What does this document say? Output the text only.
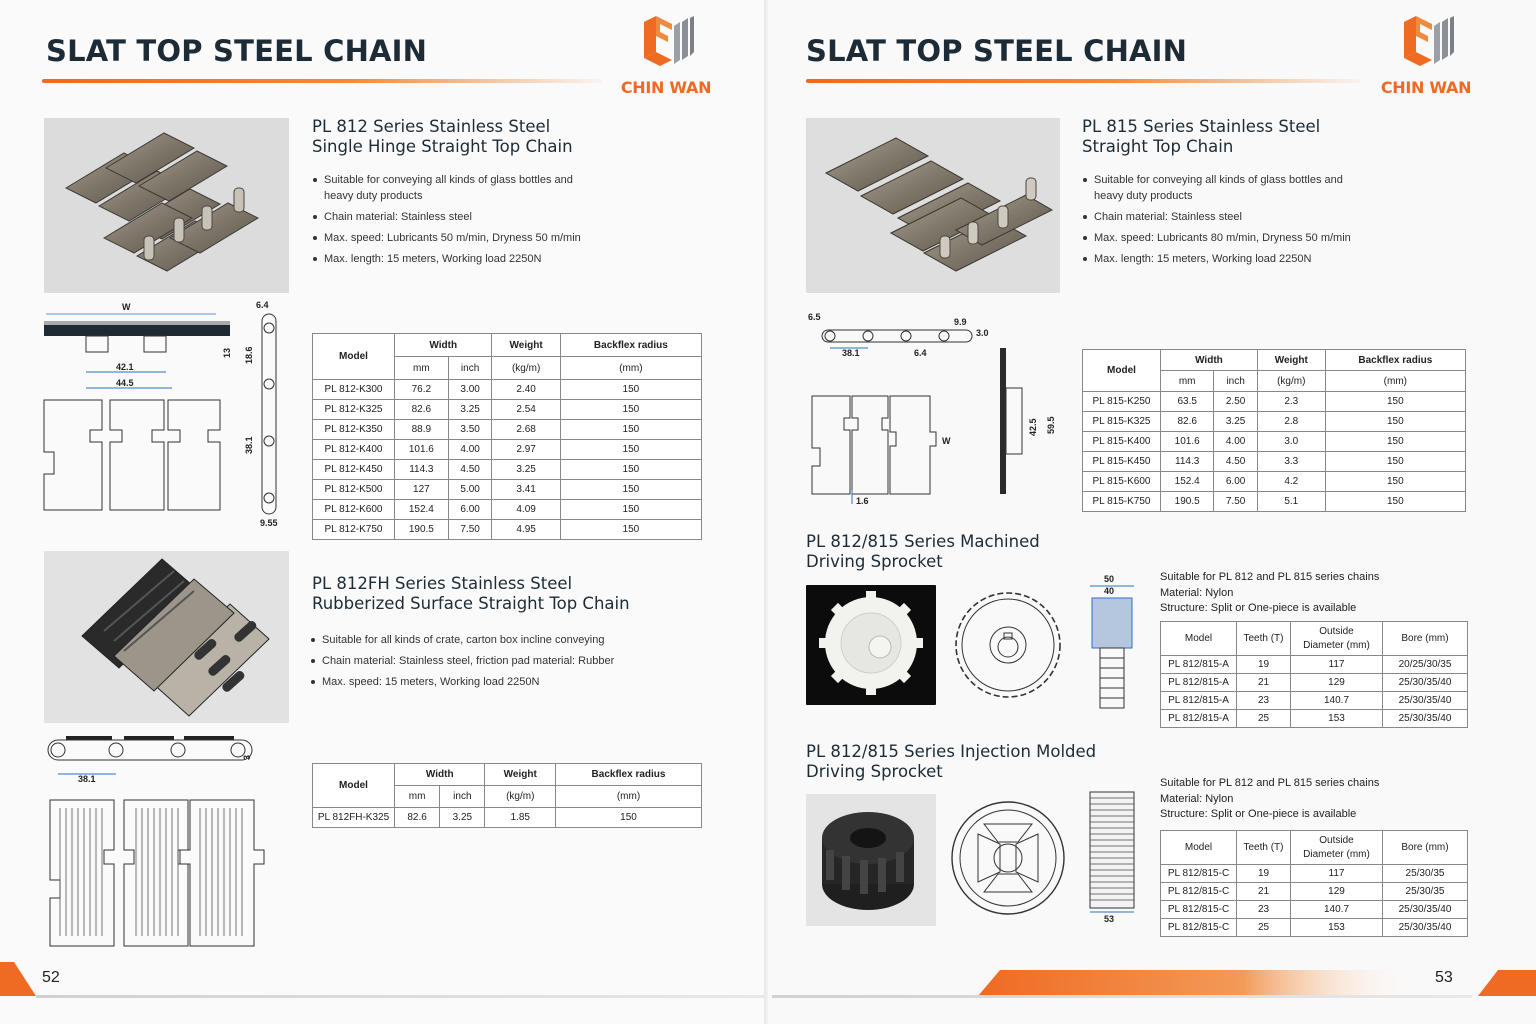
SLAT TOP STEEL CHAIN
CHIN WAN
W
42.1
44.5
6.4
13 18.6
38.1
9.55
PL 812 Series Stainless Steel
Single Hinge Straight Top Chain
Suitable for conveying all kinds of glass bottles and
heavy duty products
Chain material: Stainless steel
Max. speed: Lubricants 50 m/min, Dryness 50 m/min
Max. length: 15 meters, Working load 2250N
Model	Width		Weight	Backflex radius
	mm	inch	(kg/m)	(mm)
PL 812-K300	76.2	3.00	2.40	150
PL 812-K325	82.6	3.25	2.54	150
PL 812-K350	88.9	3.50	2.68	150
PL 812-K400	101.6	4.00	2.97	150
PL 812-K450	114.3	4.50	3.25	150
PL 812-K500	127	5.00	3.41	150
PL 812-K600	152.4	6.00	4.09	150
PL 812-K750	190.5	7.50	4.95	150
38.1
3
PL 812FH Series Stainless Steel
Rubberized Surface Straight Top Chain
Suitable for all kinds of crate, carton box incline conveying
Chain material: Stainless steel, friction pad material: Rubber
Max. speed: 15 meters, Working load 2250N
Model	Width		Weight	Backflex radius
	mm	inch	(kg/m)	(mm)
PL 812FH-K325	82.6	3.25	1.85	150
52
SLAT TOP STEEL CHAIN
CHIN WAN
6.5	9.9
3.0
38.1	6.4
W
1.6
42.5 59.5
PL 815 Series Stainless Steel
Straight Top Chain
Suitable for conveying all kinds of glass bottles and
heavy duty products
Chain material: Stainless steel
Max. speed: Lubricants 80 m/min, Dryness 50 m/min
Max. length: 15 meters, Working load 2250N
Model	Width		Weight	Backflex radius
	mm	inch	(kg/m)	(mm)
PL 815-K250	63.5	2.50	2.3	150
PL 815-K325	82.6	3.25	2.8	150
PL 815-K400	101.6	4.00	3.0	150
PL 815-K450	114.3	4.50	3.3	150
PL 815-K600	152.4	6.00	4.2	150
PL 815-K750	190.5	7.50	5.1	150
PL 812/815 Series Machined
Driving Sprocket
50
40
Suitable for PL 812 and PL 815 series chains
Material: Nylon
Structure: Split or One-piece is available
Model	Teeth (T)	Outside
Diameter (mm)	Bore (mm)
PL 812/815-A	19	117	20/25/30/35
PL 812/815-A	21	129	25/30/35/40
PL 812/815-A	23	140.7	25/30/35/40
PL 812/815-A	25	153	25/30/35/40
PL 812/815 Series Injection Molded
Driving Sprocket
53
Suitable for PL 812 and PL 815 series chains
Material: Nylon
Structure: Split or One-piece is available
Model	Teeth (T)	Outside
Diameter (mm)	Bore (mm)
PL 812/815-C	19	117	25/30/35
PL 812/815-C	21	129	25/30/35
PL 812/815-C	23	140.7	25/30/35/40
PL 812/815-C	25	153	25/30/35/40
53
